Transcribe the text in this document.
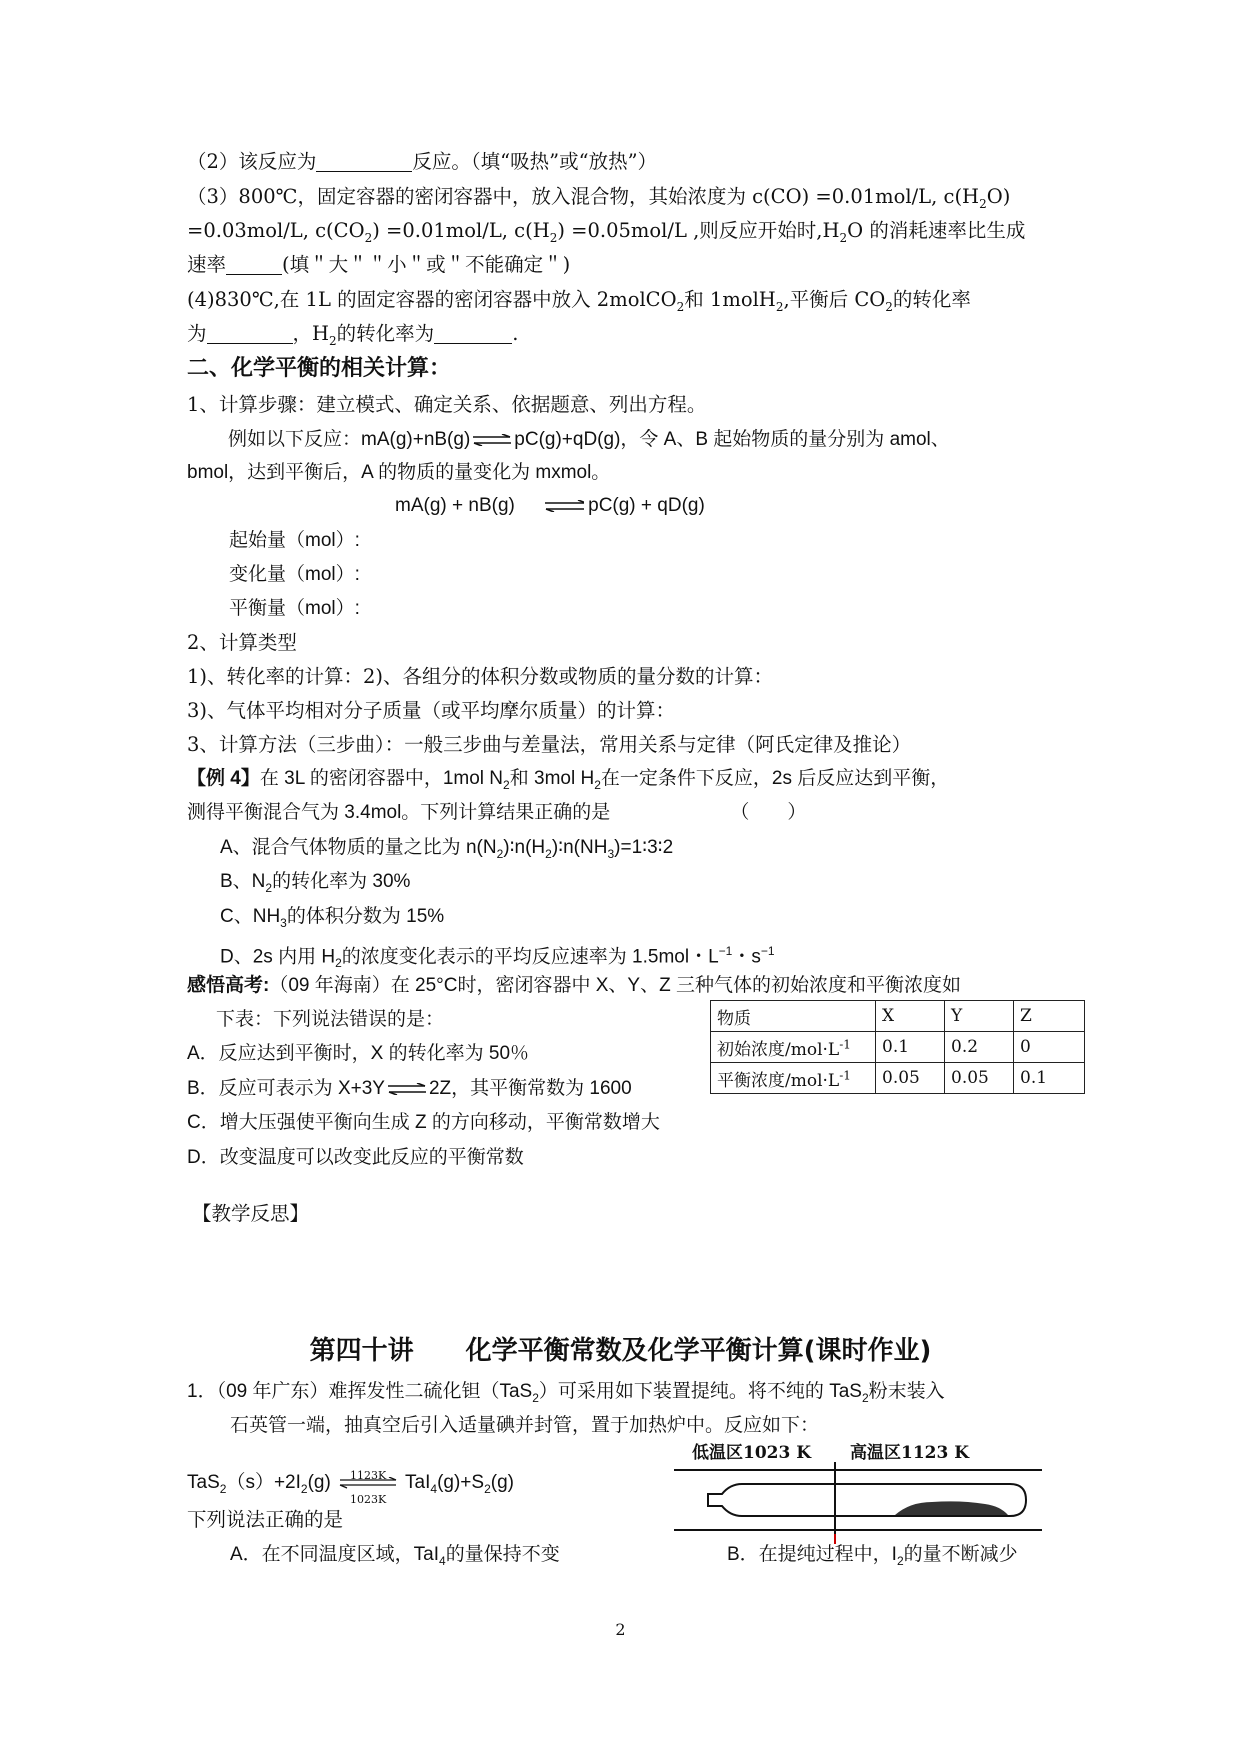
（2）该反应为	反应。（填“吸热”或“放热”）
（3）800℃，固定容器的密闭容器中，放入混合物，其始浓度为 c(CO) =0.01mol/L, $c(H_2O)$
=0.03mol/L, $c(CO_2) =0.01mol/L$, $c(H_2) =0.05mol/L$ ,则反应开始时$,H_2O$ 的消耗速率比生成
速率	(填＂大＂＂小＂或＂不能确定＂)
(4)830℃,在 1L 的固定容器的密闭容器中放入 2molCO$_2$和 1molH$_2$,平衡后 $CO_2$的转化率
为	，$H_2$的转化率为	.
二、化学平衡的相关计算：
1、计算步骤：建立模式、确定关系、依据题意、列出方程。
例如以下反应：mA(g)+nB(g) ⇌ pC(g)+qD(g)，令 A、B 起始物质的量分别为 amol、
bmol，达到平衡后，A 的物质的量变化为 mxmol。
mA(g) + nB(g) ⇌ pC(g) + qD(g)
起始量（mol）:
变化量（mol）:
平衡量（mol）:
2、计算类型
1)、转化率的计算：2)、各组分的体积分数或物质的量分数的计算：
3)、气体平均相对分子质量（或平均摩尔质量）的计算：
3、计算方法（三步曲）：一般三步曲与差量法，常用关系与定律（阿氏定律及推论）
【例 4】在 3L 的密闭容器中，1mol $N_2$和 3mol $H_2$在一定条件下反应，2s 后反应达到平衡，
测得平衡混合气为 3.4mol。下列计算结果正确的是	（　　）
A、混合气体物质的量之比为 $n(N_2)∶n(H_2)∶n(NH_3)=1∶3∶2$
B、$N_2$的转化率为 30%
C、$NH_3$的体积分数为 15%
D、2s 内用 $H_2$的浓度变化表示的平均反应速率为 1.5mol・$L^{-1}$・$s^{-1}$
感悟高考:（09 年海南）在 25°C时，密闭容器中 X、Y、Z 三种气体的初始浓度和平衡浓度如
下表：下列说法错误的是：
A．反应达到平衡时，X 的转化率为 50％
B．反应可表示为 X+3Y ⇌ 2Z，其平衡常数为 1600
C．增大压强使平衡向生成 Z 的方向移动，平衡常数增大
D．改变温度可以改变此反应的平衡常数
物质	X	Y	Z
初始浓度$/mol\cdot L^{-1}$	0.1	0.2	0
平衡浓度$/mol\cdot L^{-1}$	0.05	0.05	0.1
【教学反思】
第四十讲　　化学平衡常数及化学平衡计算(课时作业)
1．（09 年广东）难挥发性二硫化钽（TaS$_2$）可采用如下装置提纯。将不纯的 TaS$_2$粉末装入
石英管一端，抽真空后引入适量碘并封管，置于加热炉中。反应如下：
$TaS_2(s)+2I_2(g)$	1123K
1023K
$TaI_4(g)+S_2(g)$
下列说法正确的是
A．在不同温度区域，TaI$_4$的量保持不变	B．在提纯过程中，$I_2$的量不断减少
低温区1023 K 高温区1123 K
2
